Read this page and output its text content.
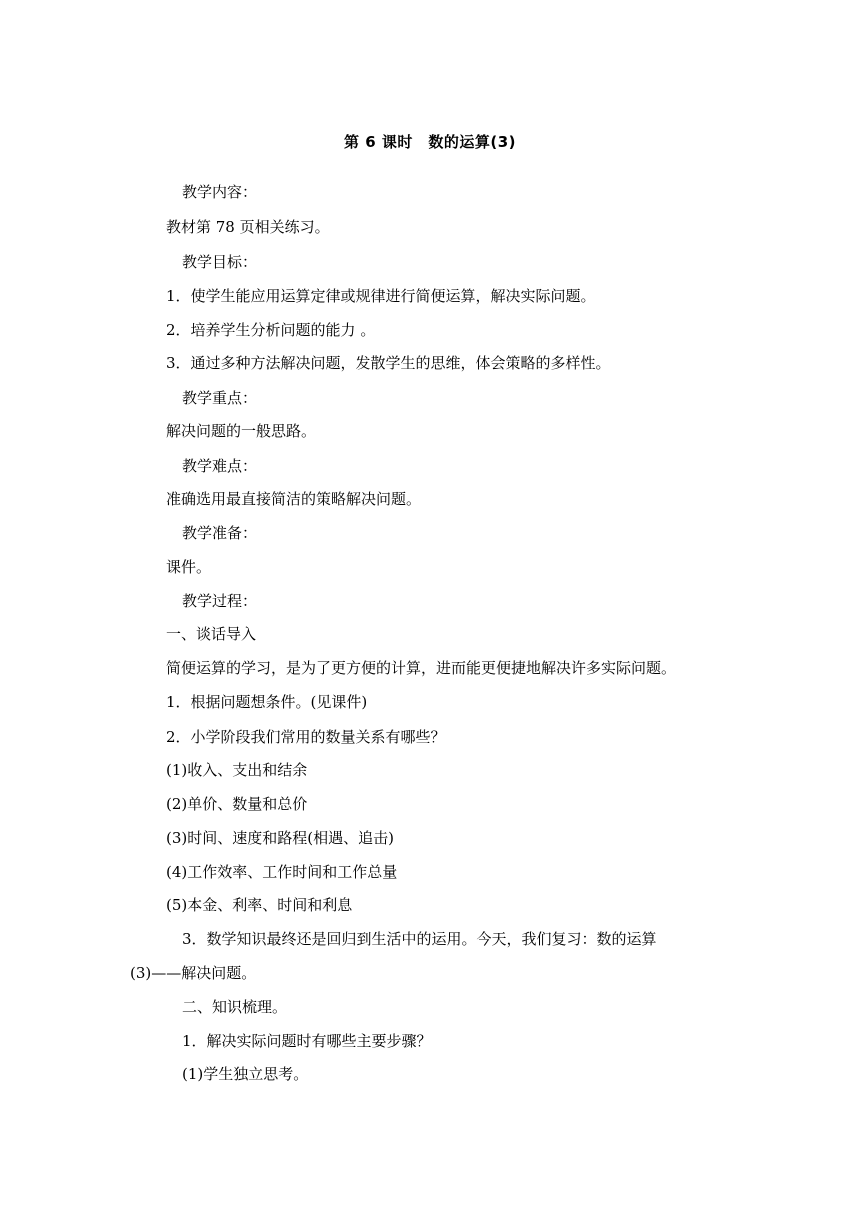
第 6 课时　数的运算(3)
教学内容：
教材第 78 页相关练习。
教学目标：
1．使学生能应用运算定律或规律进行简便运算，解决实际问题。
2．培养学生分析问题的能力 。
3．通过多种方法解决问题，发散学生的思维，体会策略的多样性。
教学重点：
解决问题的一般思路。
教学难点：
准确选用最直接简洁的策略解决问题。
教学准备：
课件。
教学过程：
一、谈话导入
简便运算的学习，是为了更方便的计算，进而能更便捷地解决许多实际问题。
1．根据问题想条件。(见课件)
2．小学阶段我们常用的数量关系有哪些？
(1)收入、支出和结余
(2)单价、数量和总价
(3)时间、速度和路程(相遇、追击)
(4)工作效率、工作时间和工作总量
(5)本金、利率、时间和利息
3．数学知识最终还是回归到生活中的运用。今天，我们复习：数的运算
(3)——解决问题。
二、知识梳理。
1．解决实际问题时有哪些主要步骤？
(1)学生独立思考。
